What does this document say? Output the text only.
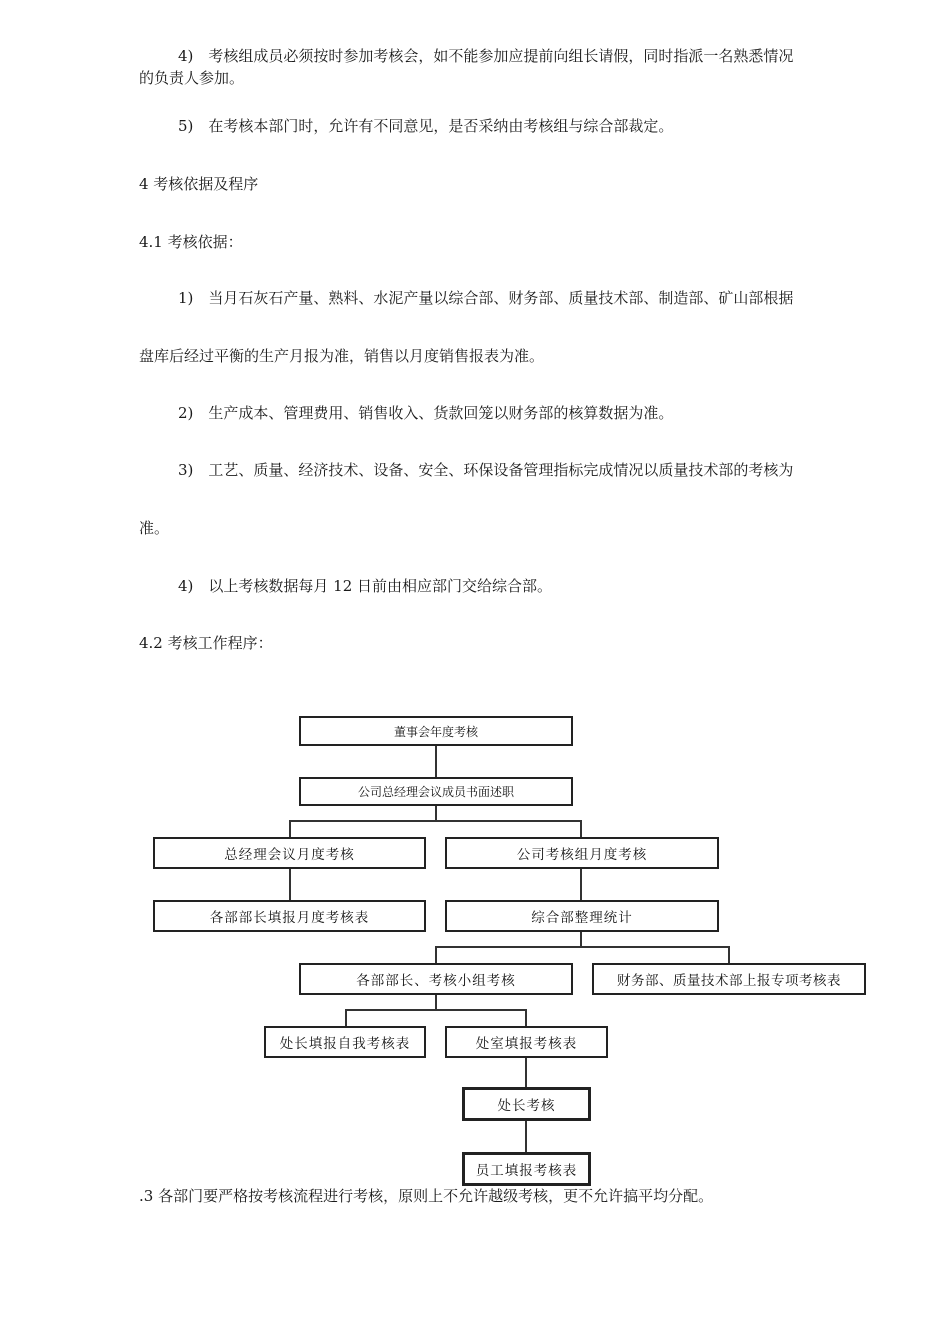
4)　考核组成员必须按时参加考核会，如不能参加应提前向组长请假，同时指派一名熟悉情况
的负责人参加。
5)　在考核本部门时，允许有不同意见，是否采纳由考核组与综合部裁定。
4 考核依据及程序
4.1 考核依据：
1)　当月石灰石产量、熟料、水泥产量以综合部、财务部、质量技术部、制造部、矿山部根据
盘库后经过平衡的生产月报为准，销售以月度销售报表为准。
2)　生产成本、管理费用、销售收入、货款回笼以财务部的核算数据为准。
3)　工艺、质量、经济技术、设备、安全、环保设备管理指标完成情况以质量技术部的考核为
准。
4)　以上考核数据每月 12 日前由相应部门交给综合部。
4.2 考核工作程序：
董事会年度考核
公司总经理会议成员书面述职
总经理会议月度考核	公司考核组月度考核
各部部长填报月度考核表	综合部整理统计
各部部长、考核小组考核	财务部、质量技术部上报专项考核表
处长填报自我考核表	处室填报考核表
处长考核
员工填报考核表
.3 各部门要严格按考核流程进行考核，原则上不允许越级考核，更不允许搞平均分配。
